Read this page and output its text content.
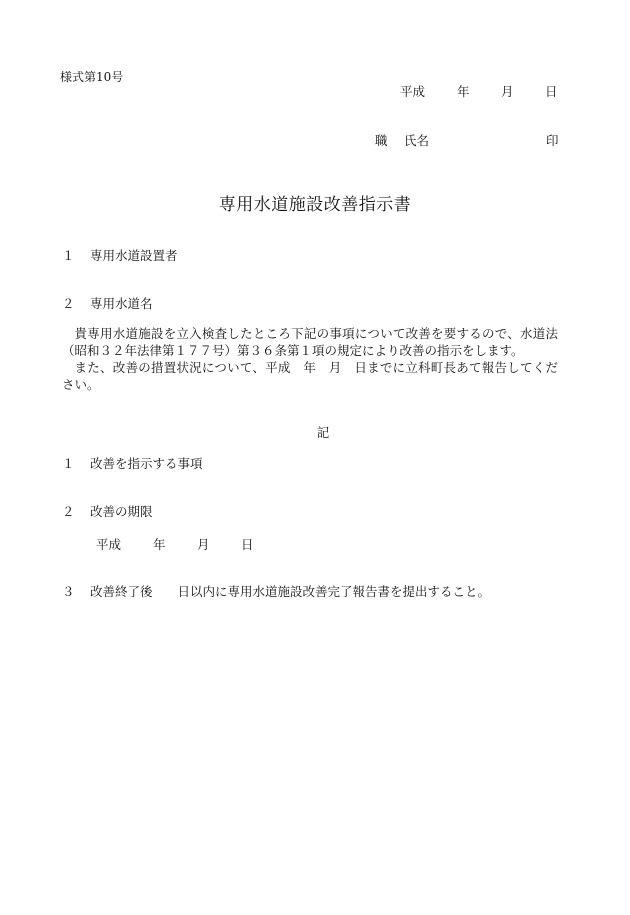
様式第10号
平成	年	月	日
職 氏名	印
専用水道施設改善指示書
１ 専用水道設置者
２ 専用水道名

貴専用水道施設を立入検査したところ下記の事項について改善を要するので、水道法（昭和３２年法律第１７７号）第３６条第１項の規定により改善の指示をします。

また、改善の措置状況について、平成　年　月　日までに立科町長あて報告してください。

記
１ 改善を指示する事項
２ 改善の期限
平成	年	月	日
３ 改善終了後　　日以内に専用水道施設改善完了報告書を提出すること。
